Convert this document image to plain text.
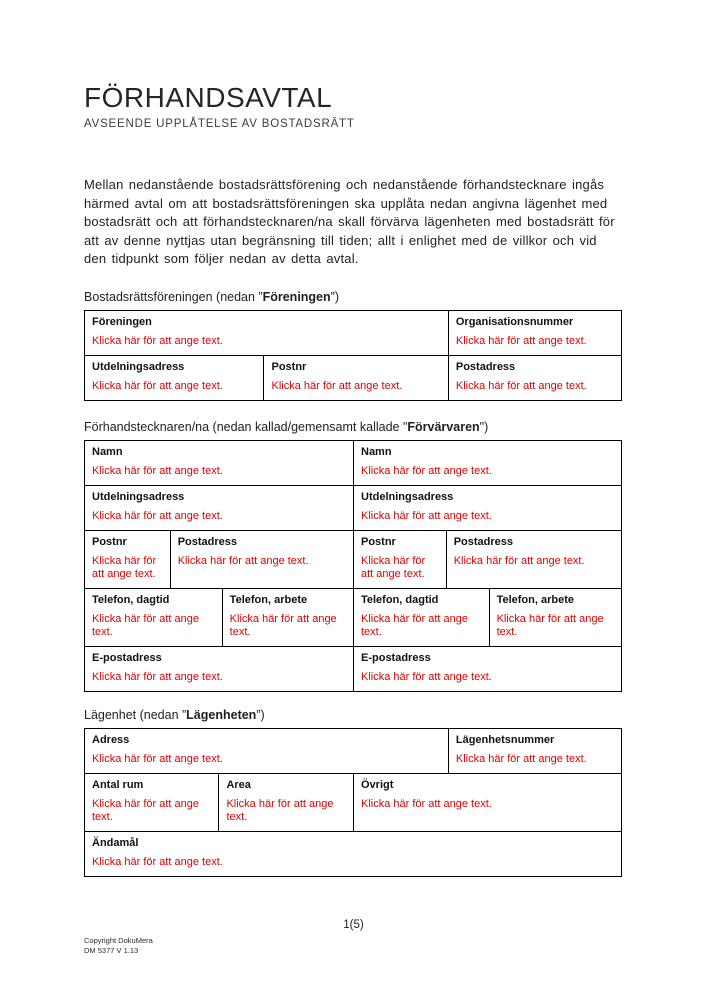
FÖRHANDSAVTAL
AVSEENDE UPPLÅTELSE AV BOSTADSRÄTT

Mellan nedanstående bostadsrättsförening och nedanstående förhandstecknare ingås härmed avtal om att bostadsrättsföreningen ska upplåta nedan angivna lägenhet med bostadsrätt och att förhandstecknaren/na skall förvärva lägenheten med bostadsrätt för att av denne nyttjas utan begränsning till tiden; allt i enlighet med de villkor och vid den tidpunkt som följer nedan av detta avtal.

Bostadsrättsföreningen (nedan ”Föreningen”)
Föreningen
Klicka här för att ange text.
Organisationsnummer
Klicka här för att ange text.
Utdelningsadress
Klicka här för att ange text.
Postnr
Klicka här för att ange text.
Postadress
Klicka här för att ange text.
Förhandstecknaren/na (nedan kallad/gemensamt kallade "Förvärvaren")
Namn
Klicka här för att ange text.
Namn
Klicka här för att ange text.
Utdelningsadress
Klicka här för att ange text.
Utdelningsadress
Klicka här för att ange text.
Postnr
Klicka här för att ange text.
Postadress
Klicka här för att ange text.
Postnr
Klicka här för att ange text.
Postadress
Klicka här för att ange text.
Telefon, dagtid
Klicka här för att ange text.
Telefon, arbete
Klicka här för att ange text.
Telefon, dagtid
Klicka här för att ange text.
Telefon, arbete
Klicka här för att ange text.
E-postadress
Klicka här för att ange text.
E-postadress
Klicka här för att ange text.
Lägenhet (nedan ”Lägenheten”)
Adress
Klicka här för att ange text.
Lägenhetsnummer
Klicka här för att ange text.
Antal rum
Klicka här för att ange text.
Area
Klicka här för att ange text.
Övrigt
Klicka här för att ange text.
Ändamål
Klicka här för att ange text.
1(5)
Copyright DokuMera
DM 5377 V 1.13
